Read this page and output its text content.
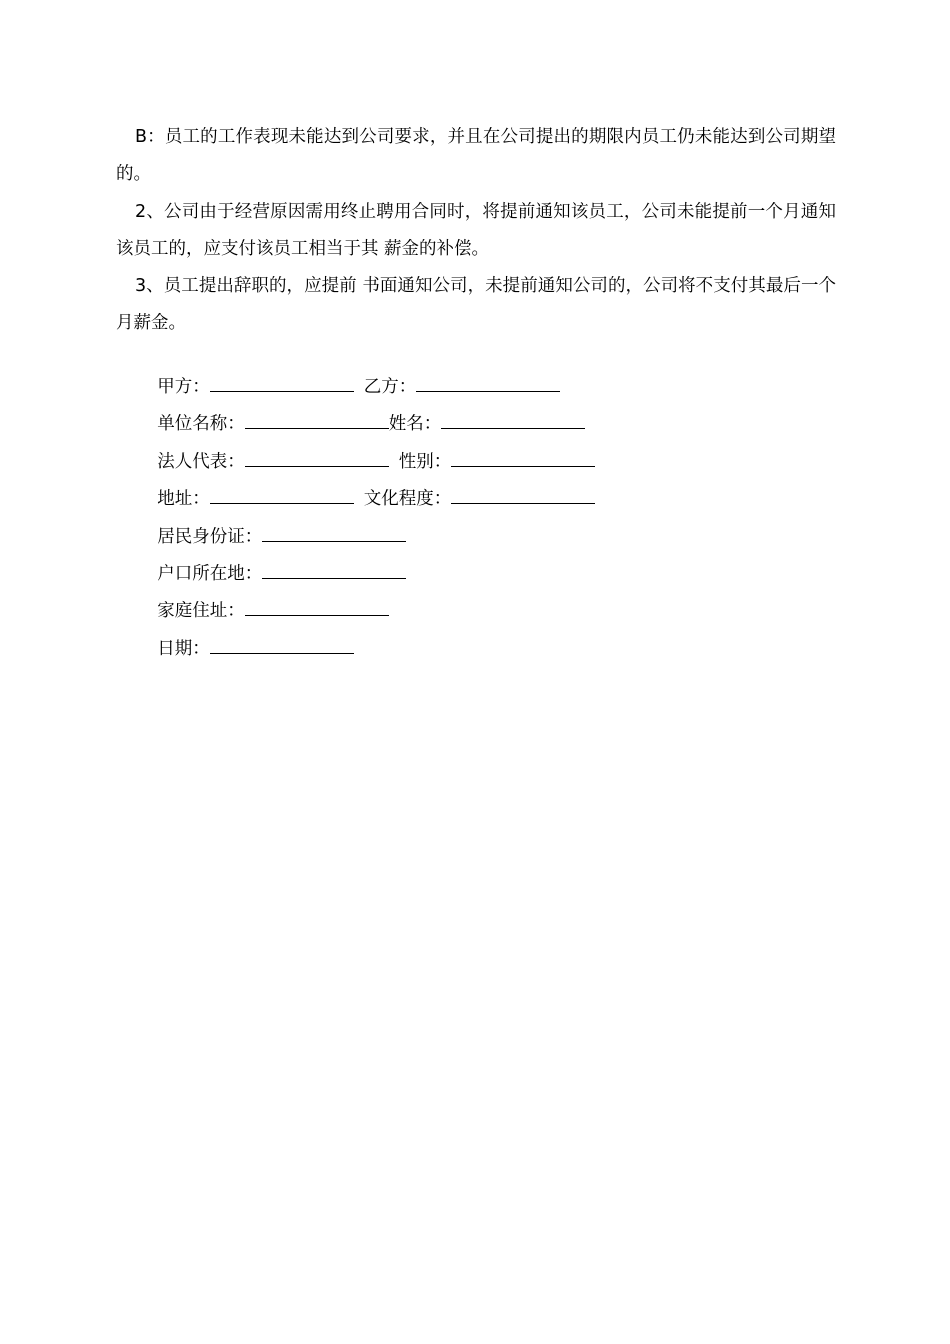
B：员工的工作表现未能达到公司要求，并且在公司提出的期限内员工仍未能达到公司期望的。
2、公司由于经营原因需用终止聘用合同时，将提前通知该员工，公司未能提前一个月通知该员工的，应支付该员工相当于其 薪金的补偿。
3、员工提出辞职的，应提前 书面通知公司，未提前通知公司的，公司将不支付其最后一个月薪金。

甲方：	乙方：

单位名称：	姓名：

法人代表：	性别：

地址：	文化程度：

居民身份证：

户口所在地：

家庭住址：

日期：
